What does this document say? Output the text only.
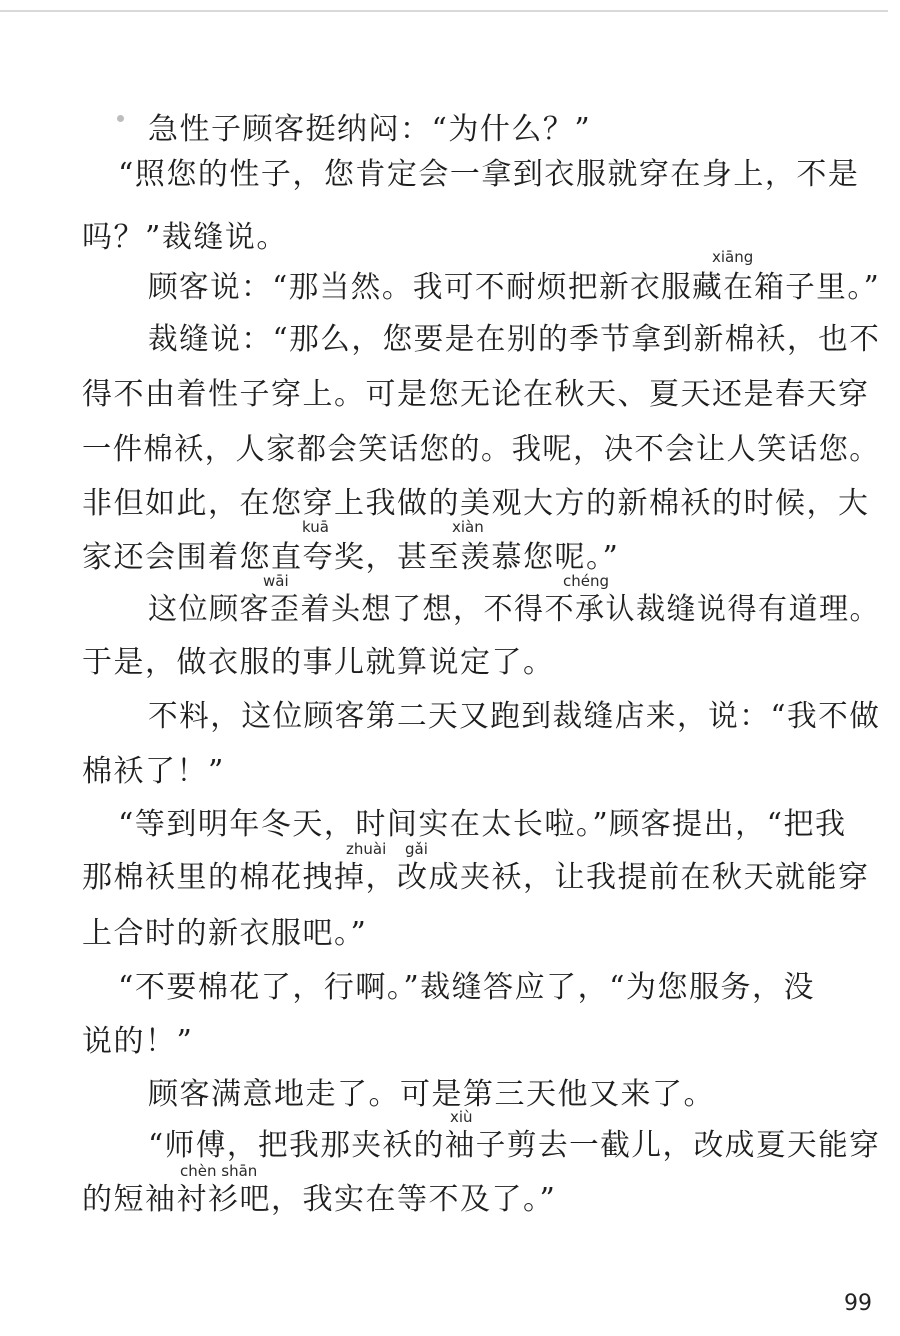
急性子顾客挺纳闷：“为什么？”
“照您的性子，您肯定会一拿到衣服就穿在身上，不是
吗？”裁缝说。
xiāng
顾客说：“那当然。我可不耐烦把新衣服藏在箱子里。”
裁缝说：“那么，您要是在别的季节拿到新棉袄，也不
得不由着性子穿上。可是您无论在秋天、夏天还是春天穿
一件棉袄，人家都会笑话您的。我呢，决不会让人笑话您。
非但如此，在您穿上我做的美观大方的新棉袄的时候，大
kuā	xiàn
家还会围着您直夸奖，甚至羡慕您呢。”
wāi	chéng
这位顾客歪着头想了想，不得不承认裁缝说得有道理。
于是，做衣服的事儿就算说定了。
不料，这位顾客第二天又跑到裁缝店来，说：“我不做
棉袄了！”
“等到明年冬天，时间实在太长啦。”顾客提出，“把我
zhuài gǎi
那棉袄里的棉花拽掉，改成夹袄，让我提前在秋天就能穿
上合时的新衣服吧。”
“不要棉花了，行啊。”裁缝答应了，“为您服务，没
说的！”
顾客满意地走了。可是第三天他又来了。
xiù
“师傅，把我那夹袄的袖子剪去一截儿，改成夏天能穿
chèn shān
的短袖衬衫吧，我实在等不及了。”
99
